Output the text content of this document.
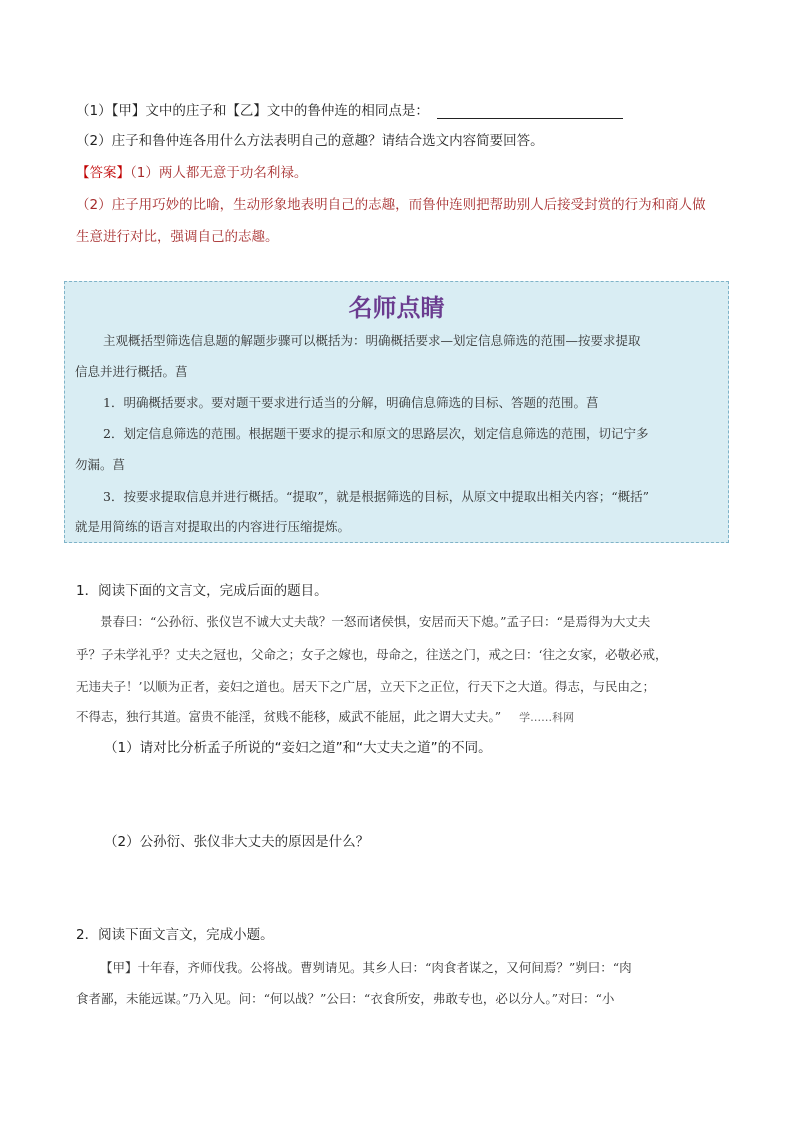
（1）【甲】文中的庄子和【乙】文中的鲁仲连的相同点是：
（2）庄子和鲁仲连各用什么方法表明自己的意趣？请结合选文内容简要回答。
【答案】（1）两人都无意于功名利禄。
（2）庄子用巧妙的比喻，生动形象地表明自己的志趣，而鲁仲连则把帮助别人后接受封赏的行为和商人做
生意进行对比，强调自己的志趣。
名师点睛
主观概括型筛选信息题的解题步骤可以概括为：明确概括要求—划定信息筛选的范围—按要求提取
信息并进行概括。菖
1．明确概括要求。要对题干要求进行适当的分解，明确信息筛选的目标、答题的范围。菖
2．划定信息筛选的范围。根据题干要求的提示和原文的思路层次，划定信息筛选的范围，切记宁多
勿漏。菖
3．按要求提取信息并进行概括。“提取”，就是根据筛选的目标，从原文中提取出相关内容；“概括”
就是用简练的语言对提取出的内容进行压缩提炼。
1．阅读下面的文言文，完成后面的题目。
景春曰：“公孙衍、张仪岂不诚大丈夫哉？一怒而诸侯惧，安居而天下熄。”孟子曰：“是焉得为大丈夫
乎？子未学礼乎？丈夫之冠也，父命之；女子之嫁也，母命之，往送之门，戒之曰：‘往之女家，必敬必戒，
无违夫子！’以顺为正者，妾妇之道也。居天下之广居，立天下之正位，行天下之大道。得志，与民由之；
不得志，独行其道。富贵不能淫，贫贱不能移，威武不能屈，此之谓大丈夫。” 学……科网
（1）请对比分析孟子所说的“妾妇之道”和“大丈夫之道”的不同。
（2）公孙衍、张仪非大丈夫的原因是什么？
2．阅读下面文言文，完成小题。
【甲】十年春，齐师伐我。公将战。曹刿请见。其乡人曰：“肉食者谋之，又何间焉？”刿曰：“肉
食者鄙，未能远谋。”乃入见。问：“何以战？”公曰：“衣食所安，弗敢专也，必以分人。”对曰：“小
